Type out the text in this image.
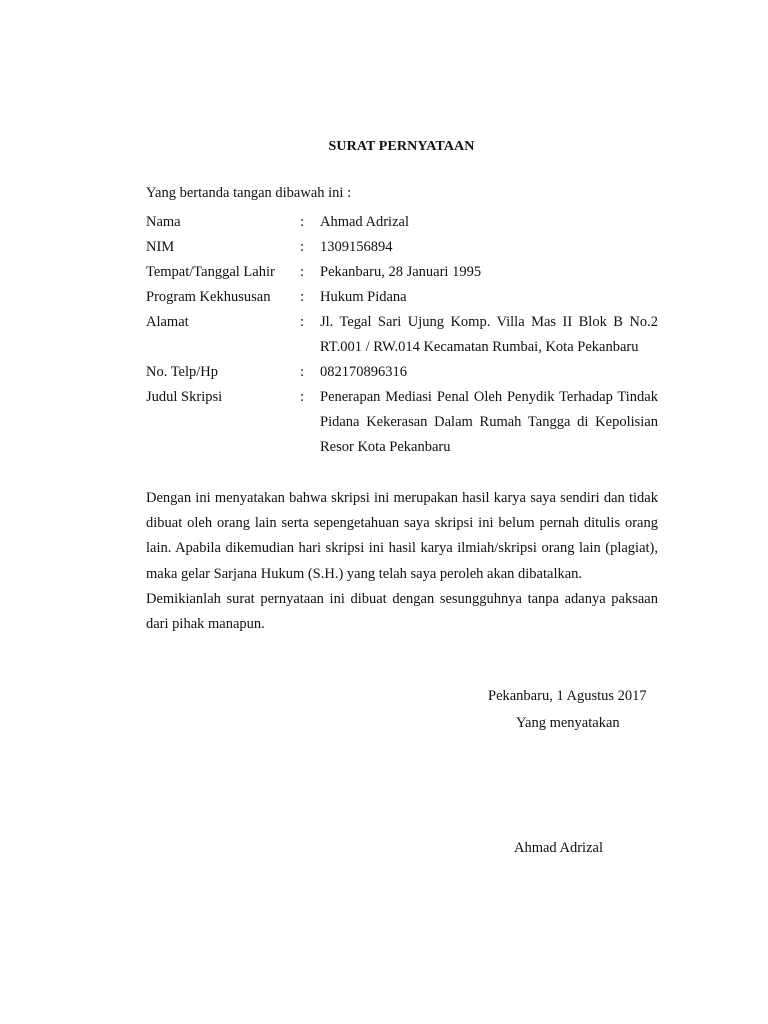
SURAT PERNYATAAN
Yang bertanda tangan dibawah ini :
Nama	:	Ahmad Adrizal
NIM	:	1309156894
Tempat/Tanggal Lahir	:	Pekanbaru, 28 Januari 1995
Program Kekhususan	:	Hukum Pidana
Alamat	:	Jl. Tegal Sari Ujung Komp. Villa Mas II Blok B No.2 RT.001 / RW.014 Kecamatan Rumbai, Kota Pekanbaru
No. Telp/Hp	:	082170896316
Judul Skripsi	:	Penerapan Mediasi Penal Oleh Penydik Terhadap Tindak Pidana Kekerasan Dalam Rumah Tangga di Kepolisian Resor Kota Pekanbaru

Dengan ini menyatakan bahwa skripsi ini merupakan hasil karya saya sendiri dan tidak dibuat oleh orang lain serta sepengetahuan saya skripsi ini belum pernah ditulis orang lain. Apabila dikemudian hari skripsi ini hasil karya ilmiah/skripsi orang lain (plagiat), maka gelar Sarjana Hukum (S.H.) yang telah saya peroleh akan dibatalkan.

Demikianlah surat pernyataan ini dibuat dengan sesungguhnya tanpa adanya paksaan dari pihak manapun.

Pekanbaru, 1 Agustus 2017
Yang menyatakan
Ahmad Adrizal
